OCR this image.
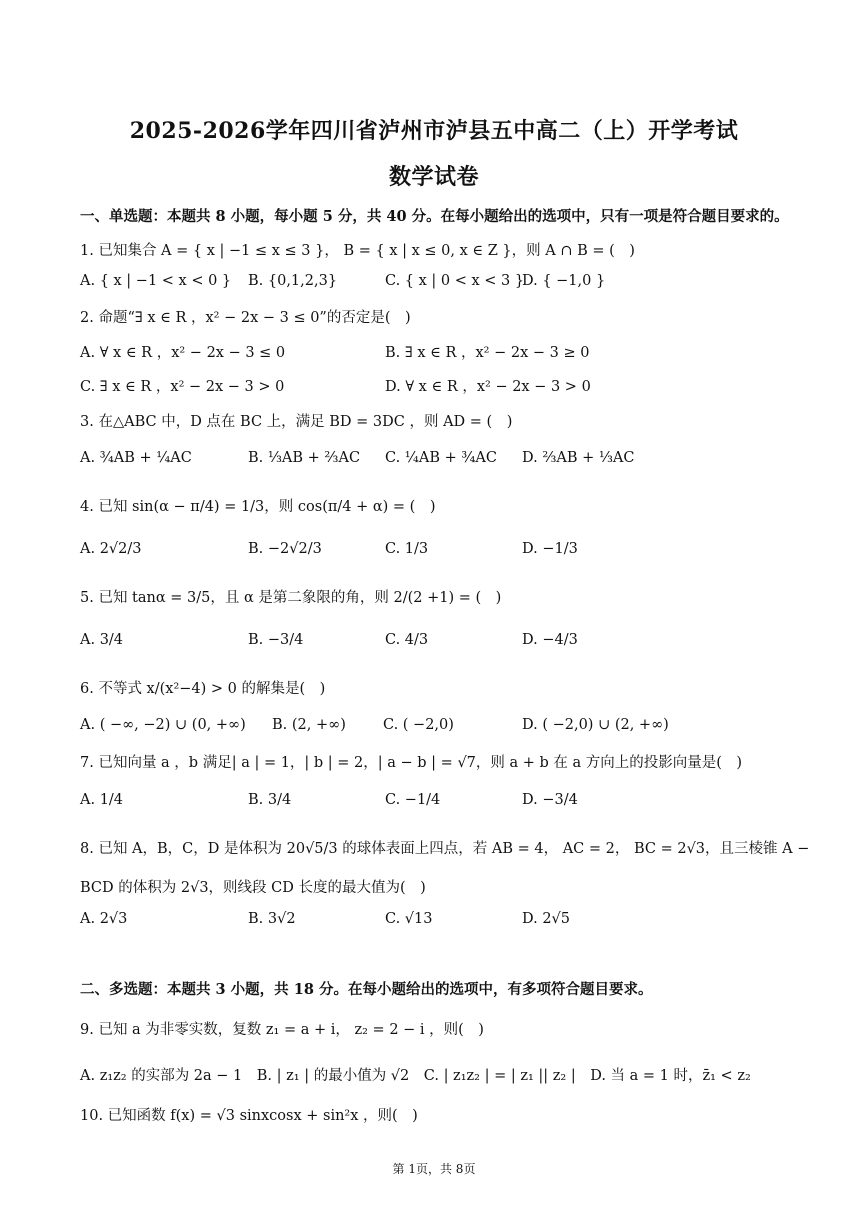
2025-2026学年四川省泸州市泸县五中高二（上）开学考试
数学试卷
一、单选题：本题共 8 小题，每小题 5 分，共 40 分。在每小题给出的选项中，只有一项是符合题目要求的。
1. 已知集合 A = { x | −1 ≤ x ≤ 3 }， B = { x | x ≤ 0, x ∈ Z }，则 A ∩ B = (　)
A. { x | −1 < x < 0 } B. {0,1,2,3}	C. { x | 0 < x < 3 }
D. { −1,0 }
2. 命题“∃ x ∈ R ，x² − 2x − 3 ≤ 0”的否定是(　)
A. ∀ x ∈ R ，x² − 2x − 3 ≤ 0	B. ∃ x ∈ R ，x² − 2x − 3 ≥ 0
C. ∃ x ∈ R ，x² − 2x − 3 > 0	D. ∀ x ∈ R ，x² − 2x − 3 > 0
3. 在△ABC 中，D 点在 BC 上，满足 BD = 3DC ，则 AD = (　)
A. ¾AB + ¼AC	B. ⅓AB + ⅔AC C. ¼AB + ¾AC D. ⅔AB + ⅓AC
4. 已知 sin(α − π/4) = 1/3，则 cos(π/4 + α) = (　)
A. 2√2/3	B. −2√2/3	C. 1/3	D. −1/3
5. 已知 tanα = 3/5，且 α 是第二象限的角，则 2/(2 +1) = (　)
A. 3/4	B. −3/4	C. 4/3	D. −4/3
6. 不等式 x/(x²−4) > 0 的解集是(　)
A. ( −∞, −2) ∪ (0, +∞) B. (2, +∞)	C. ( −2,0)	D. ( −2,0) ∪ (2, +∞)
7. 已知向量 a ，b 满足| a | = 1，| b | = 2，| a − b | = √7，则 a + b 在 a 方向上的投影向量是(　)
A. 1/4	B. 3/4	C. −1/4	D. −3/4
8. 已知 A，B，C，D 是体积为 20√5/3 的球体表面上四点，若 AB = 4， AC = 2， BC = 2√3，且三棱锥 A −
BCD 的体积为 2√3，则线段 CD 长度的最大值为(　)
A. 2√3	B. 3√2	C. √13	D. 2√5
二、多选题：本题共 3 小题，共 18 分。在每小题给出的选项中，有多项符合题目要求。
9. 已知 a 为非零实数，复数 z₁ = a + i， z₂ = 2 − i ，则(　)
A. z₁z₂ 的实部为 2a − 1　B. | z₁ | 的最小值为 √2　C. | z₁z₂ | = | z₁ || z₂ |　D. 当 a = 1 时，z̄₁ < z₂
10. 已知函数 f(x) = √3 sinxcosx + sin²x ，则(　)
第 1页，共 8页
